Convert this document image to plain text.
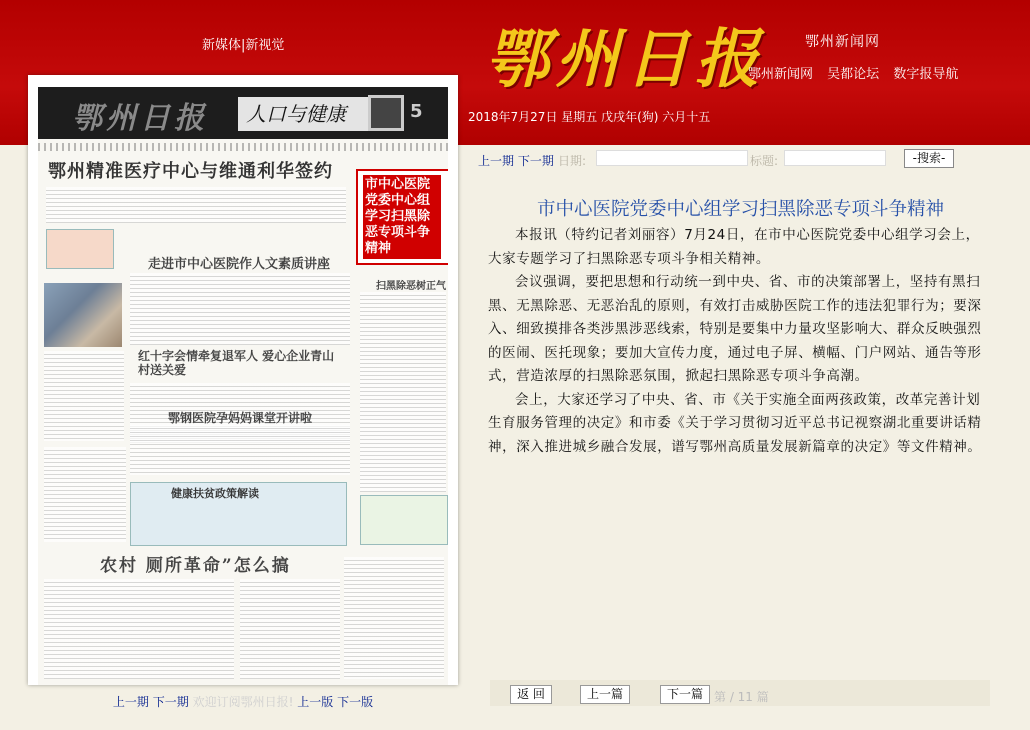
新媒体|新视觉	鄂州日报	鄂州新闻网
鄂州新闻网 吴都论坛 数字报导航
2018年7月27日 星期五 戊戌年(狗) 六月十五
鄂州日报	人口与健康	5
鄂州精准医疗中心与维通利华签约
市中心医院党委中心组学习扫黑除恶专项斗争精神
走进市中心医院作人文素质讲座
红十字会情牵复退军人 爱心企业青山村送关爱
鄂钢医院孕妈妈课堂开讲啦
扫黑除恶树正气
健康扶贫政策解读
农村 厕所革命”怎么搞
上一期 下一期 欢迎订阅鄂州日报! 上一版 下一版
上一期 下一期 日期:	标题:	-搜索-
市中心医院党委中心组学习扫黑除恶专项斗争精神

本报讯（特约记者刘丽容）7月24日，在市中心医院党委中心组学习会上，大家专题学习了扫黑除恶专项斗争相关精神。

会议强调，要把思想和行动统一到中央、省、市的决策部署上，坚持有黑扫黑、无黑除恶、无恶治乱的原则，有效打击威胁医院工作的违法犯罪行为；要深入、细致摸排各类涉黑涉恶线索，特别是要集中力量攻坚影响大、群众反映强烈的医闹、医托现象；要加大宣传力度，通过电子屏、横幅、门户网站、通告等形式，营造浓厚的扫黑除恶氛围，掀起扫黑除恶专项斗争高潮。

会上，大家还学习了中央、省、市《关于实施全面两孩政策，改革完善计划生育服务管理的决定》和市委《关于学习贯彻习近平总书记视察湖北重要讲话精神，深入推进城乡融合发展，谱写鄂州高质量发展新篇章的决定》等文件精神。

返 回	上一篇	下一篇 第 / 11 篇
